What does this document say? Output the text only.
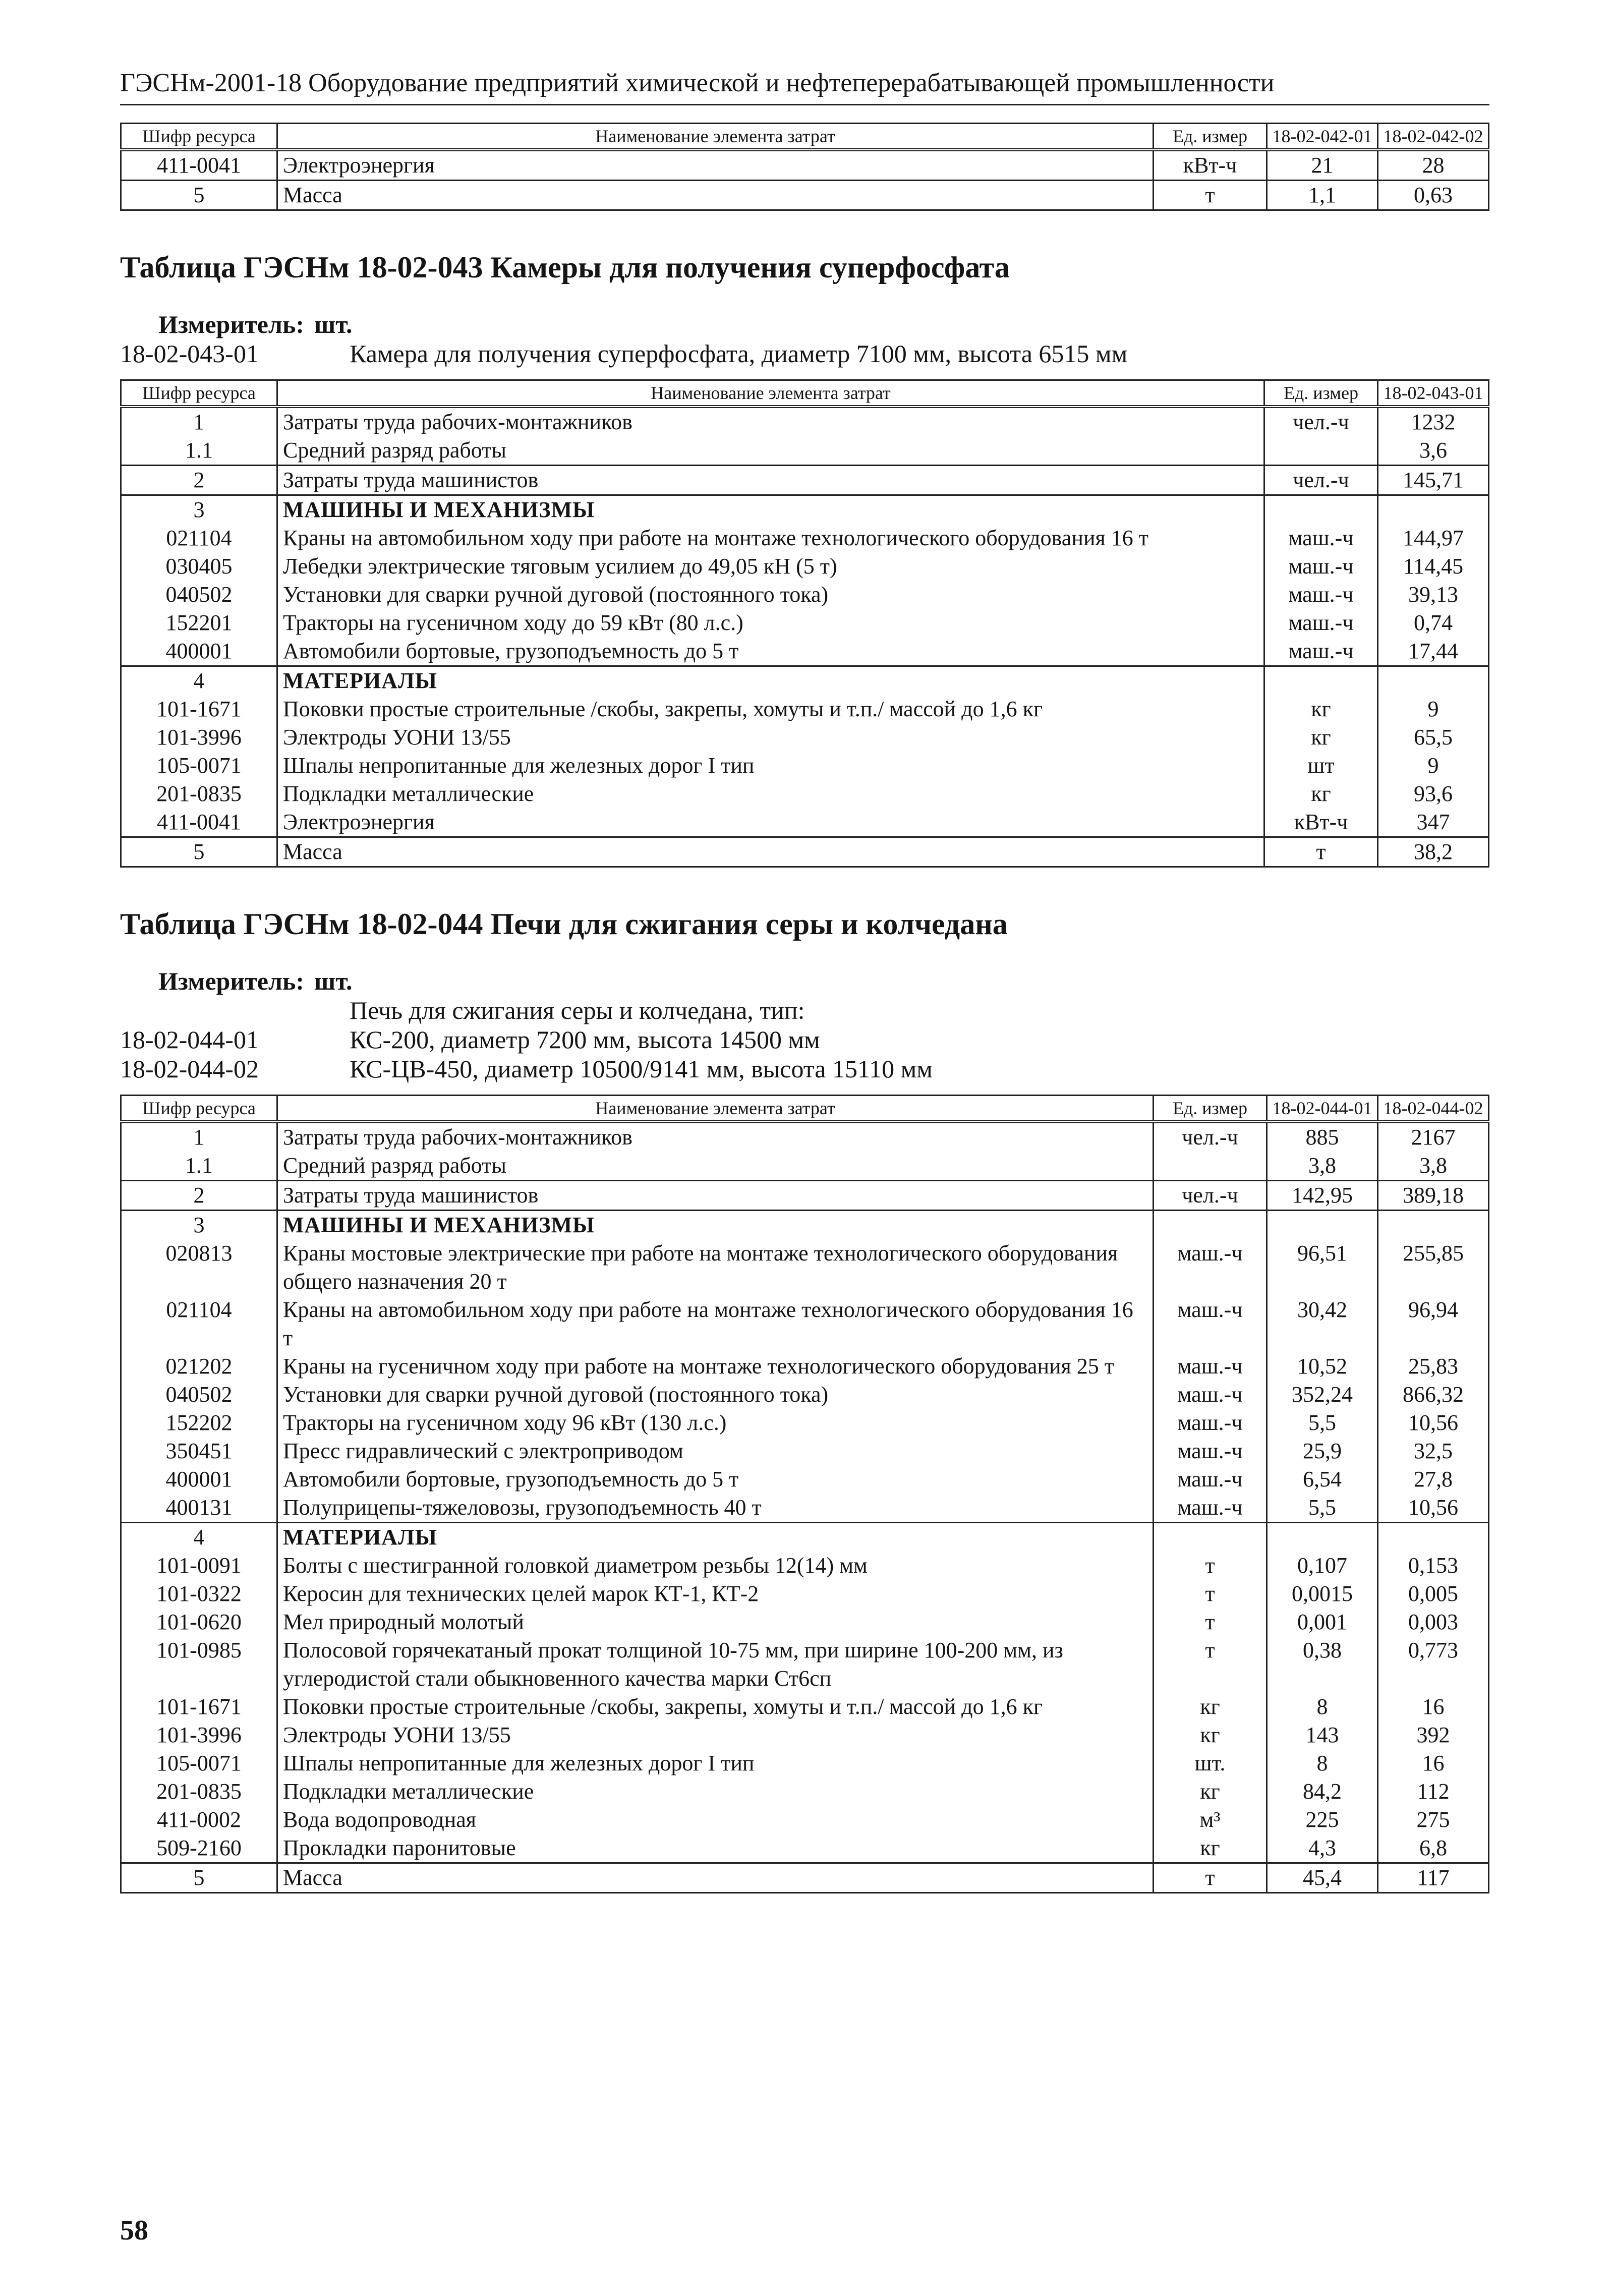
ГЭСНм-2001-18 Оборудование предприятий химической и нефтеперерабатывающей промышленности
Шифр ресурса	Наименование элемента затрат	Ед. измер	18-02-042-01	18-02-042-02
411-0041	Электроэнергия	кВт-ч	21	28
5	Масса	т	1,1	0,63
Таблица ГЭСНм 18-02-043 Камеры для получения суперфосфата
Измеритель: шт.
18-02-043-01	Камера для получения суперфосфата, диаметр 7100 мм, высота 6515 мм
Шифр ресурса	Наименование элемента затрат	Ед. измер	18-02-043-01
1	Затраты труда рабочих-монтажников	чел.-ч	1232
1.1	Средний разряд работы		3,6
2	Затраты труда машинистов	чел.-ч	145,71
3	МАШИНЫ И МЕХАНИЗМЫ		
021104	Краны на автомобильном ходу при работе на монтаже технологического оборудования 16 т	маш.-ч	144,97
030405	Лебедки электрические тяговым усилием до 49,05 кН (5 т)	маш.-ч	114,45
040502	Установки для сварки ручной дуговой (постоянного тока)	маш.-ч	39,13
152201	Тракторы на гусеничном ходу до 59 кВт (80 л.с.)	маш.-ч	0,74
400001	Автомобили бортовые, грузоподъемность до 5 т	маш.-ч	17,44
4	МАТЕРИАЛЫ		
101-1671	Поковки простые строительные /скобы, закрепы, хомуты и т.п./ массой до 1,6 кг	кг	9
101-3996	Электроды УОНИ 13/55	кг	65,5
105-0071	Шпалы непропитанные для железных дорог I тип	шт	9
201-0835	Подкладки металлические	кг	93,6
411-0041	Электроэнергия	кВт-ч	347
5	Масса	т	38,2
Таблица ГЭСНм 18-02-044 Печи для сжигания серы и колчедана
Измеритель: шт.
Печь для сжигания серы и колчедана, тип:
18-02-044-01	КС-200, диаметр 7200 мм, высота 14500 мм
18-02-044-02	КС-ЦВ-450, диаметр 10500/9141 мм, высота 15110 мм
Шифр ресурса	Наименование элемента затрат	Ед. измер	18-02-044-01	18-02-044-02
1	Затраты труда рабочих-монтажников	чел.-ч	885	2167
1.1	Средний разряд работы		3,8	3,8
2	Затраты труда машинистов	чел.-ч	142,95	389,18
3	МАШИНЫ И МЕХАНИЗМЫ			
020813	Краны мостовые электрические при работе на монтаже технологического оборудования общего назначения 20 т	маш.-ч	96,51	255,85
021104	Краны на автомобильном ходу при работе на монтаже технологического оборудования 16 т	маш.-ч	30,42	96,94
021202	Краны на гусеничном ходу при работе на монтаже технологического оборудования 25 т	маш.-ч	10,52	25,83
040502	Установки для сварки ручной дуговой (постоянного тока)	маш.-ч	352,24	866,32
152202	Тракторы на гусеничном ходу 96 кВт (130 л.с.)	маш.-ч	5,5	10,56
350451	Пресс гидравлический с электроприводом	маш.-ч	25,9	32,5
400001	Автомобили бортовые, грузоподъемность до 5 т	маш.-ч	6,54	27,8
400131	Полуприцепы-тяжеловозы, грузоподъемность 40 т	маш.-ч	5,5	10,56
4	МАТЕРИАЛЫ			
101-0091	Болты с шестигранной головкой диаметром резьбы 12(14) мм	т	0,107	0,153
101-0322	Керосин для технических целей марок КТ-1, КТ-2	т	0,0015	0,005
101-0620	Мел природный молотый	т	0,001	0,003
101-0985	Полосовой горячекатаный прокат толщиной 10-75 мм, при ширине 100-200 мм, из углеродистой стали обыкновенного качества марки Ст6сп	т	0,38	0,773
101-1671	Поковки простые строительные /скобы, закрепы, хомуты и т.п./ массой до 1,6 кг	кг	8	16
101-3996	Электроды УОНИ 13/55	кг	143	392
105-0071	Шпалы непропитанные для железных дорог I тип	шт.	8	16
201-0835	Подкладки металлические	кг	84,2	112
411-0002	Вода водопроводная	м³	225	275
509-2160	Прокладки паронитовые	кг	4,3	6,8
5	Масса	т	45,4	117
58
